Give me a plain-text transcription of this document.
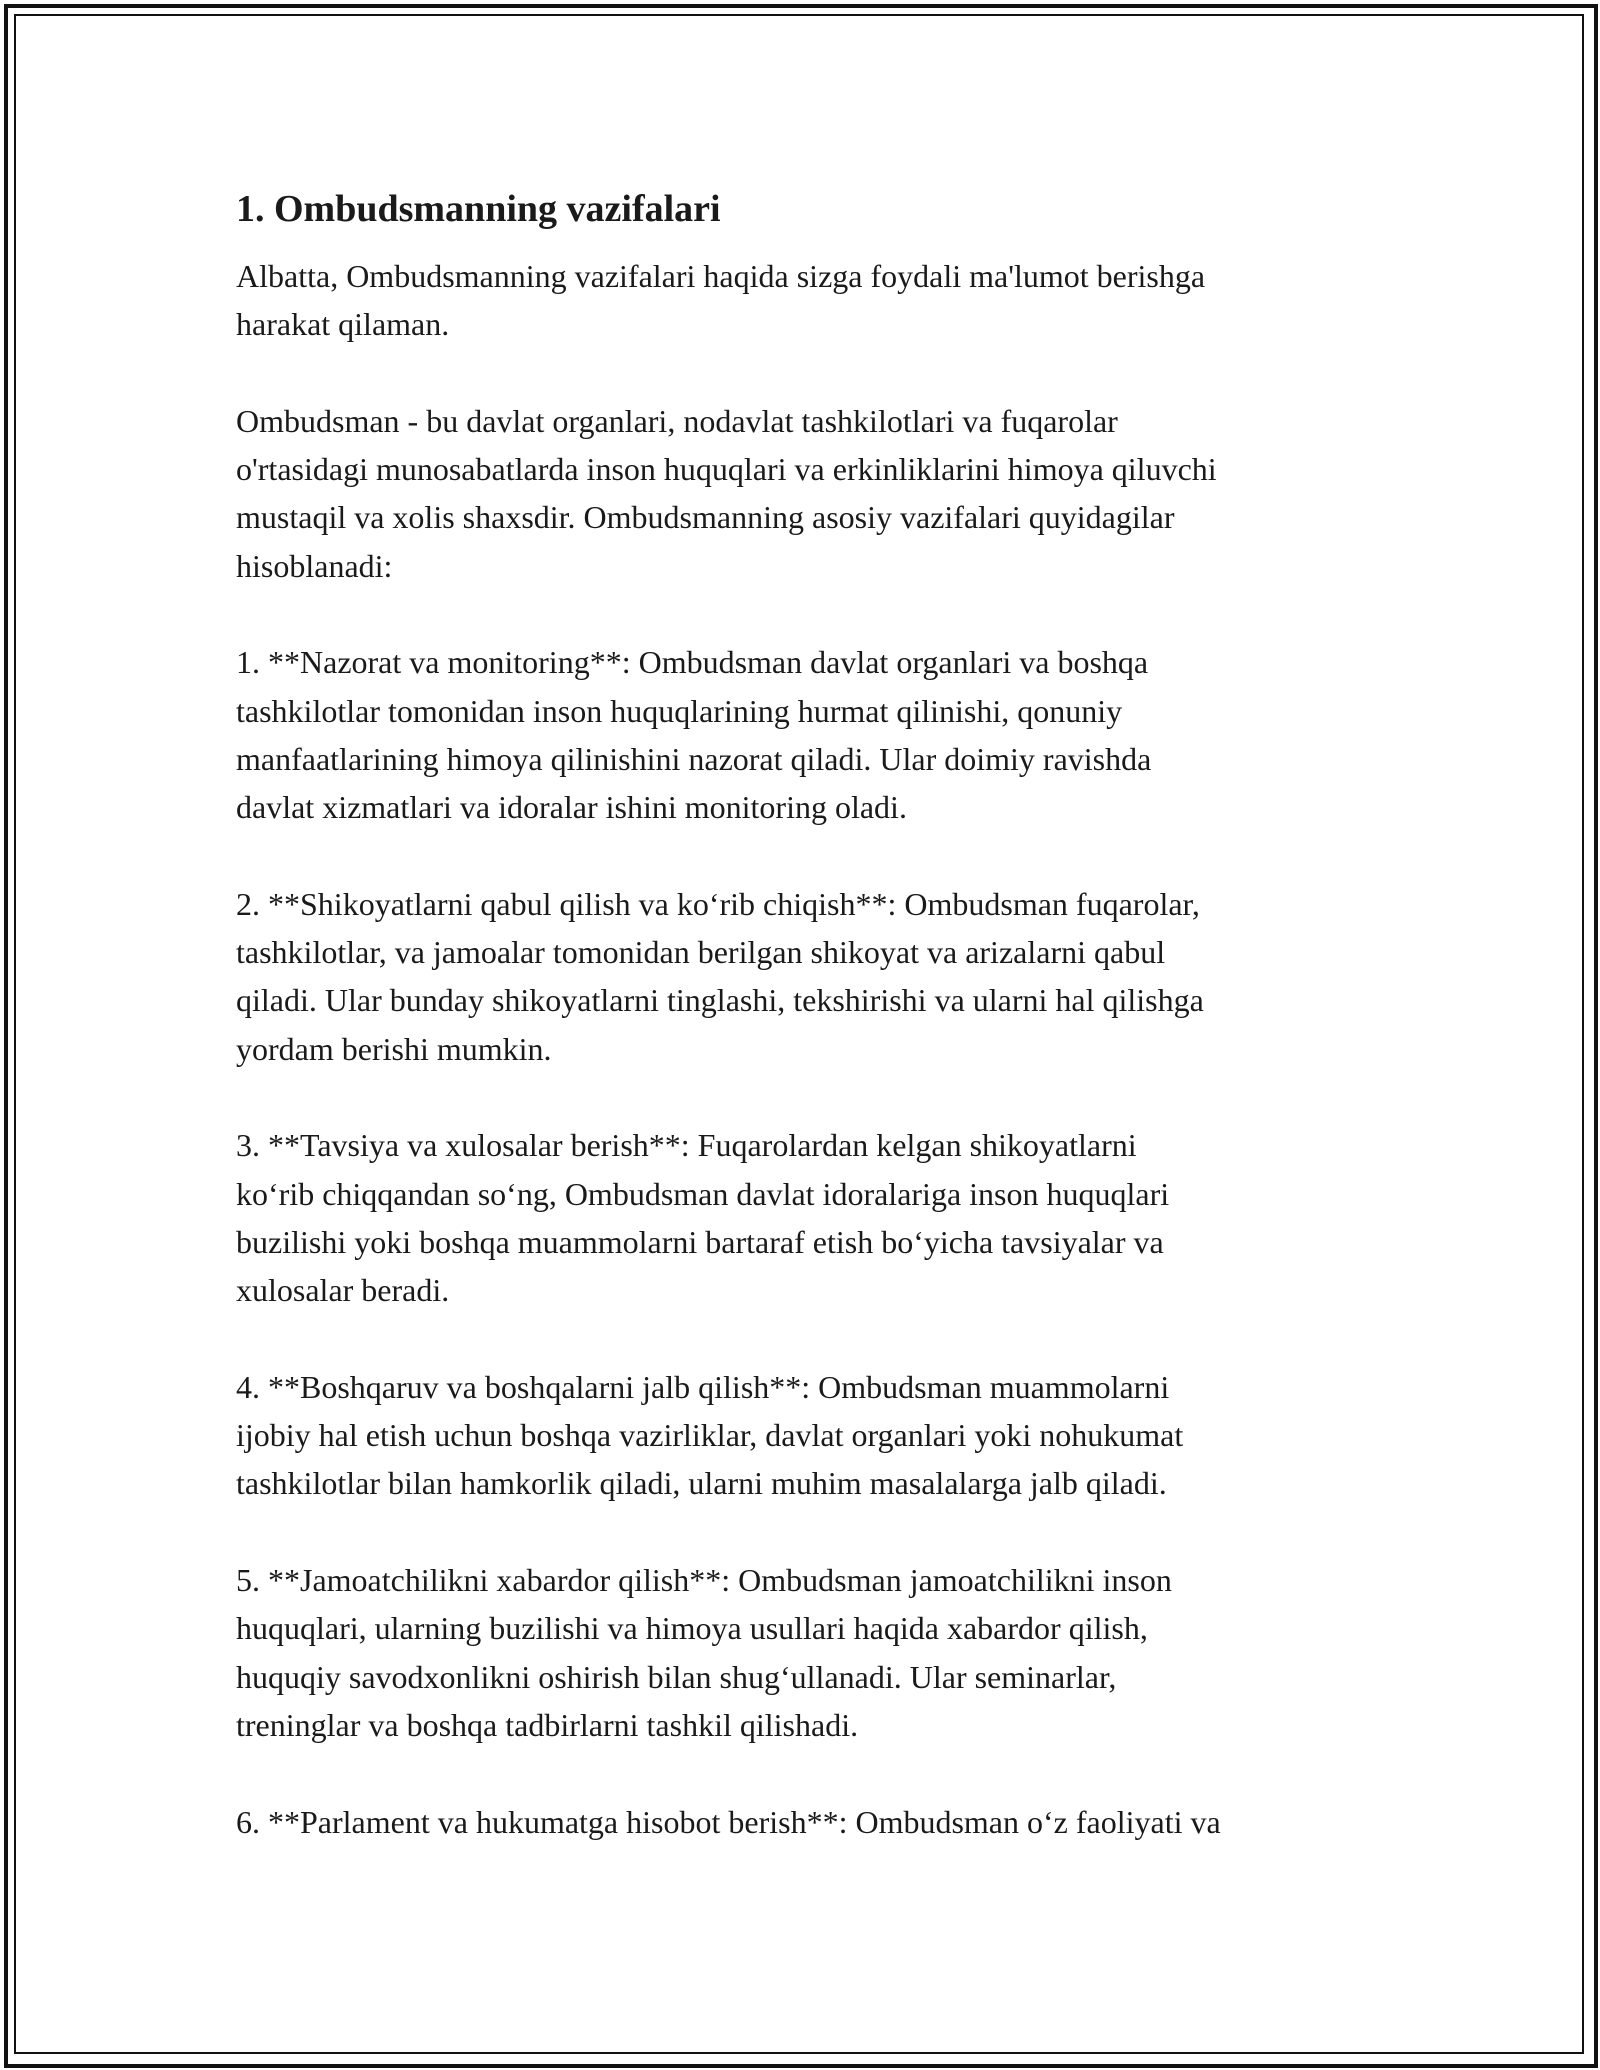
1. Ombudsmanning vazifalari
Albatta, Ombudsmanning vazifalari haqida sizga foydali ma'lumot berishga
harakat qilaman.
Ombudsman - bu davlat organlari, nodavlat tashkilotlari va fuqarolar
o'rtasidagi munosabatlarda inson huquqlari va erkinliklarini himoya qiluvchi
mustaqil va xolis shaxsdir. Ombudsmanning asosiy vazifalari quyidagilar
hisoblanadi:
1. **Nazorat va monitoring**: Ombudsman davlat organlari va boshqa
tashkilotlar tomonidan inson huquqlarining hurmat qilinishi, qonuniy
manfaatlarining himoya qilinishini nazorat qiladi. Ular doimiy ravishda
davlat xizmatlari va idoralar ishini monitoring oladi.
2. **Shikoyatlarni qabul qilish va ko‘rib chiqish**: Ombudsman fuqarolar,
tashkilotlar, va jamoalar tomonidan berilgan shikoyat va arizalarni qabul
qiladi. Ular bunday shikoyatlarni tinglashi, tekshirishi va ularni hal qilishga
yordam berishi mumkin.
3. **Tavsiya va xulosalar berish**: Fuqarolardan kelgan shikoyatlarni
ko‘rib chiqqandan so‘ng, Ombudsman davlat idoralariga inson huquqlari
buzilishi yoki boshqa muammolarni bartaraf etish bo‘yicha tavsiyalar va
xulosalar beradi.
4. **Boshqaruv va boshqalarni jalb qilish**: Ombudsman muammolarni
ijobiy hal etish uchun boshqa vazirliklar, davlat organlari yoki nohukumat
tashkilotlar bilan hamkorlik qiladi, ularni muhim masalalarga jalb qiladi.
5. **Jamoatchilikni xabardor qilish**: Ombudsman jamoatchilikni inson
huquqlari, ularning buzilishi va himoya usullari haqida xabardor qilish,
huquqiy savodxonlikni oshirish bilan shug‘ullanadi. Ular seminarlar,
treninglar va boshqa tadbirlarni tashkil qilishadi.
6. **Parlament va hukumatga hisobot berish**: Ombudsman o‘z faoliyati va
